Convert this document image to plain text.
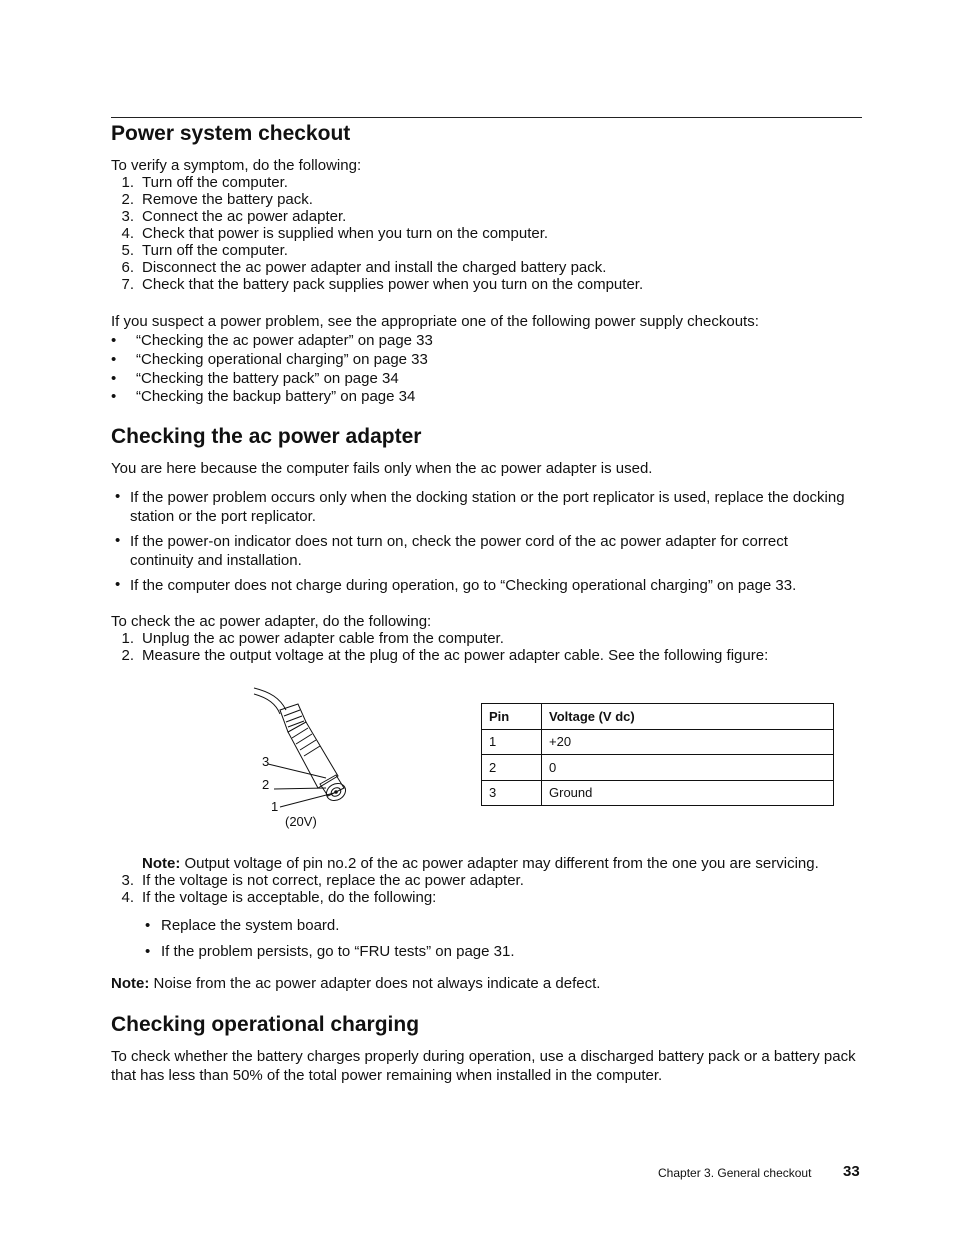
Power system checkout
To verify a symptom, do the following:
1. Turn off the computer.
2. Remove the battery pack.
3. Connect the ac power adapter.
4. Check that power is supplied when you turn on the computer.
5. Turn off the computer.
6. Disconnect the ac power adapter and install the charged battery pack.
7. Check that the battery pack supplies power when you turn on the computer.
If you suspect a power problem, see the appropriate one of the following power supply checkouts:
• “Checking the ac power adapter” on page 33
• “Checking operational charging” on page 33
• “Checking the battery pack” on page 34
• “Checking the backup battery” on page 34
Checking the ac power adapter
You are here because the computer fails only when the ac power adapter is used.
• If the power problem occurs only when the docking station or the port replicator is used, replace the docking station or the port replicator.
• If the power-on indicator does not turn on, check the power cord of the ac power adapter for correct continuity and installation.
• If the computer does not charge during operation, go to “Checking operational charging” on page 33.
To check the ac power adapter, do the following:
1. Unplug the ac power adapter cable from the computer.
2. Measure the output voltage at the plug of the ac power adapter cable. See the following figure:
3
2
1
(20V)
Pin	Voltage (V dc)
1	+20
2	0
3	Ground
Note: Output voltage of pin no.2 of the ac power adapter may different from the one you are servicing.
3. If the voltage is not correct, replace the ac power adapter.
4. If the voltage is acceptable, do the following:
• Replace the system board.
• If the problem persists, go to “FRU tests” on page 31.
Note: Noise from the ac power adapter does not always indicate a defect.
Checking operational charging
To check whether the battery charges properly during operation, use a discharged battery pack or a battery pack that has less than 50% of the total power remaining when installed in the computer.
Chapter 3. General checkout 33
